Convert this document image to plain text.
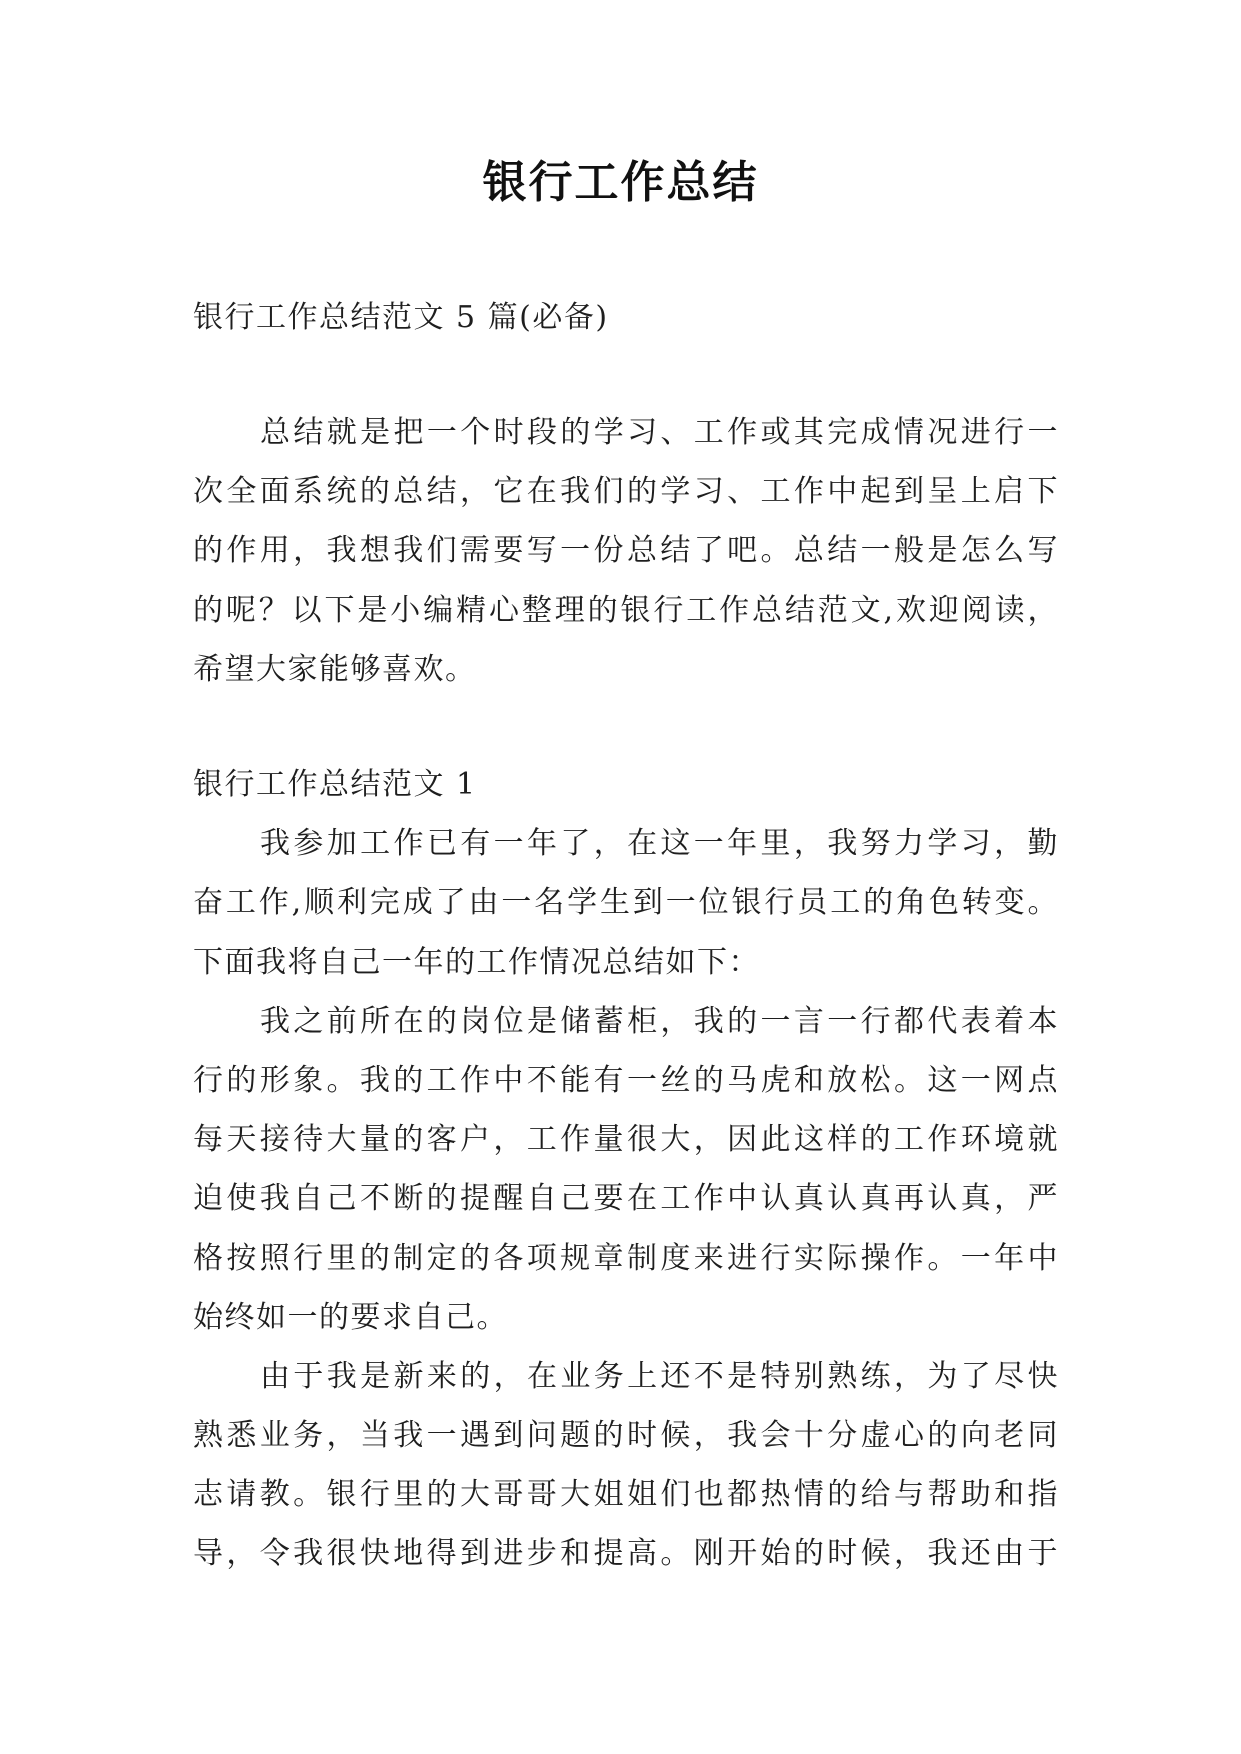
银行工作总结
银行工作总结范文 5 篇(必备)
总结就是把一个时段的学习、工作或其完成情况进行一
次全面系统的总结，它在我们的学习、工作中起到呈上启下
的作用，我想我们需要写一份总结了吧。总结一般是怎么写
的呢？以下是小编精心整理的银行工作总结范文,欢迎阅读，
希望大家能够喜欢。
银行工作总结范文 1
我参加工作已有一年了，在这一年里，我努力学习，勤
奋工作,顺利完成了由一名学生到一位银行员工的角色转变。
下面我将自己一年的工作情况总结如下：
我之前所在的岗位是储蓄柜，我的一言一行都代表着本
行的形象。我的工作中不能有一丝的马虎和放松。这一网点
每天接待大量的客户，工作量很大，因此这样的工作环境就
迫使我自己不断的提醒自己要在工作中认真认真再认真，严
格按照行里的制定的各项规章制度来进行实际操作。一年中
始终如一的要求自己。
由于我是新来的，在业务上还不是特别熟练，为了尽快
熟悉业务，当我一遇到问题的时候，我会十分虚心的向老同
志请教。银行里的大哥哥大姐姐们也都热情的给与帮助和指
导，令我很快地得到进步和提高。刚开始的时候，我还由于
